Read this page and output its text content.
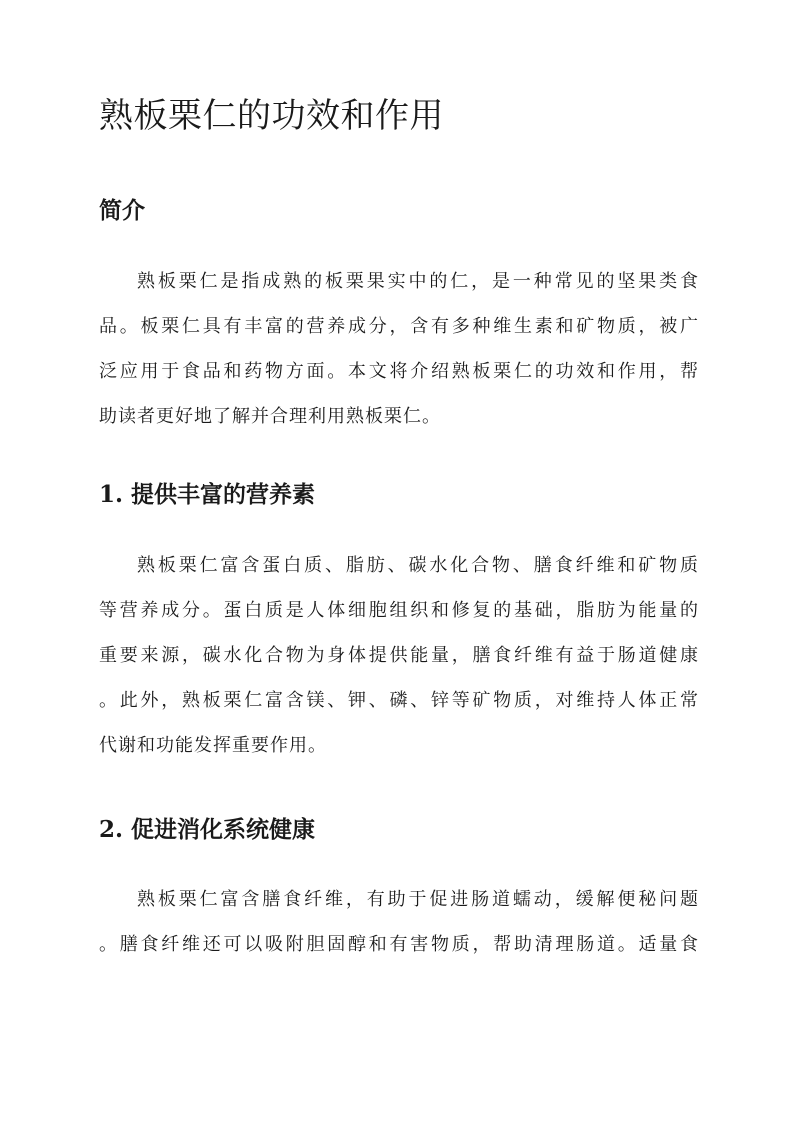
熟板栗仁的功效和作用
简介
熟板栗仁是指成熟的板栗果实中的仁，是一种常见的坚果类食
品。板栗仁具有丰富的营养成分，含有多种维生素和矿物质，被广
泛应用于食品和药物方面。本文将介绍熟板栗仁的功效和作用，帮
助读者更好地了解并合理利用熟板栗仁。
1. 提供丰富的营养素
熟板栗仁富含蛋白质、脂肪、碳水化合物、膳食纤维和矿物质
等营养成分。蛋白质是人体细胞组织和修复的基础，脂肪为能量的
重要来源，碳水化合物为身体提供能量，膳食纤维有益于肠道健康
。此外，熟板栗仁富含镁、钾、磷、锌等矿物质，对维持人体正常
代谢和功能发挥重要作用。
2. 促进消化系统健康
熟板栗仁富含膳食纤维，有助于促进肠道蠕动，缓解便秘问题
。膳食纤维还可以吸附胆固醇和有害物质，帮助清理肠道。适量食
